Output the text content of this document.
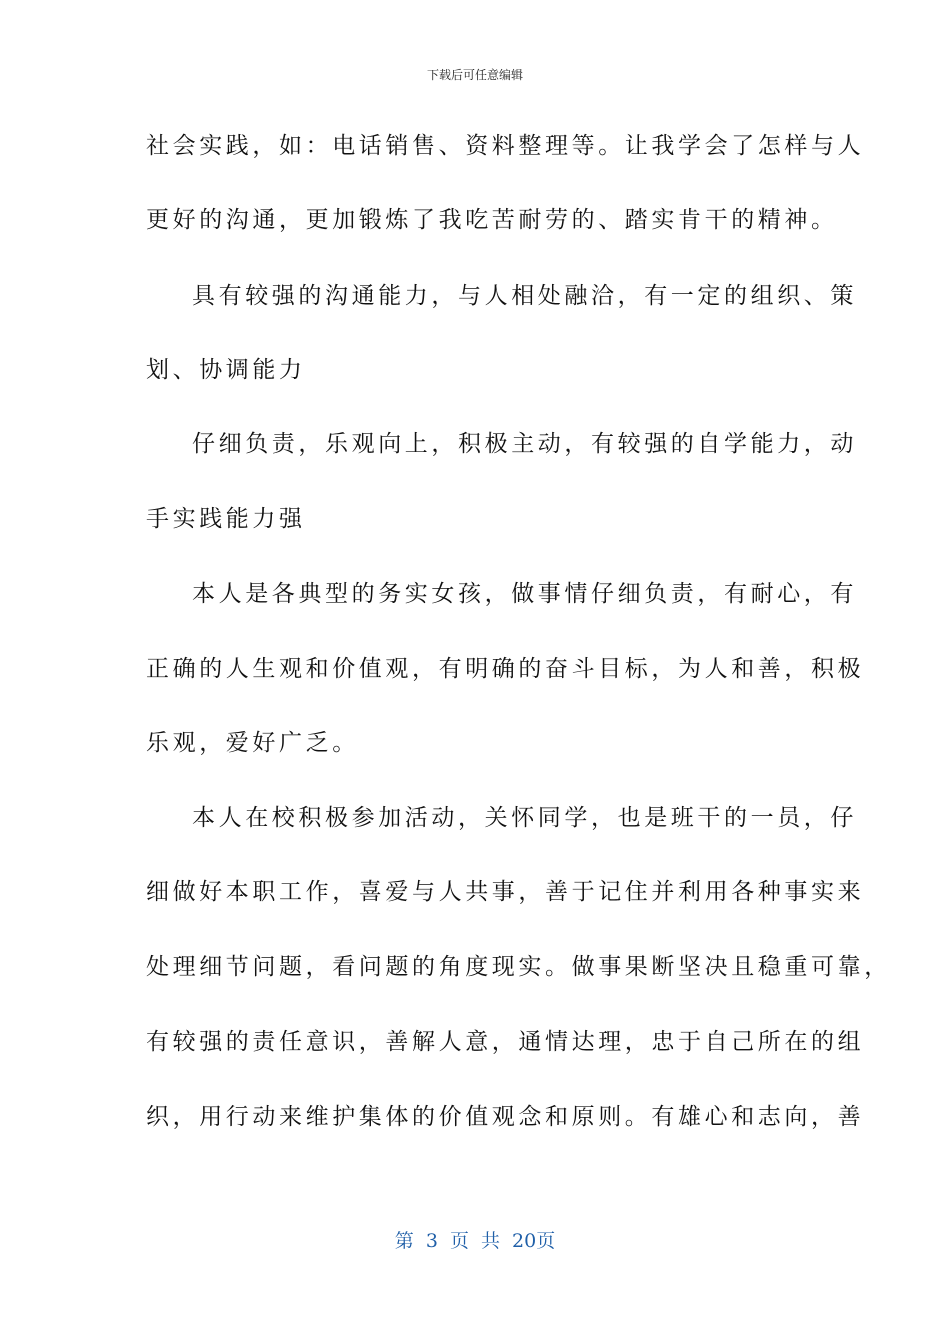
下载后可任意编辑
社会实践，如：电话销售、资料整理等。让我学会了怎样与人
更好的沟通，更加锻炼了我吃苦耐劳的、踏实肯干的精神。
具有较强的沟通能力，与人相处融洽，有一定的组织、策
划、协调能力
仔细负责，乐观向上，积极主动，有较强的自学能力，动
手实践能力强
本人是各典型的务实女孩，做事情仔细负责，有耐心，有
正确的人生观和价值观，有明确的奋斗目标，为人和善，积极
乐观，爱好广乏。
本人在校积极参加活动，关怀同学，也是班干的一员，仔
细做好本职工作，喜爱与人共事，善于记住并利用各种事实来
处理细节问题，看问题的角度现实。做事果断坚决且稳重可靠，
有较强的责任意识，善解人意，通情达理，忠于自己所在的组
织，用行动来维护集体的价值观念和原则。有雄心和志向，善
第 3 页 共 20页
